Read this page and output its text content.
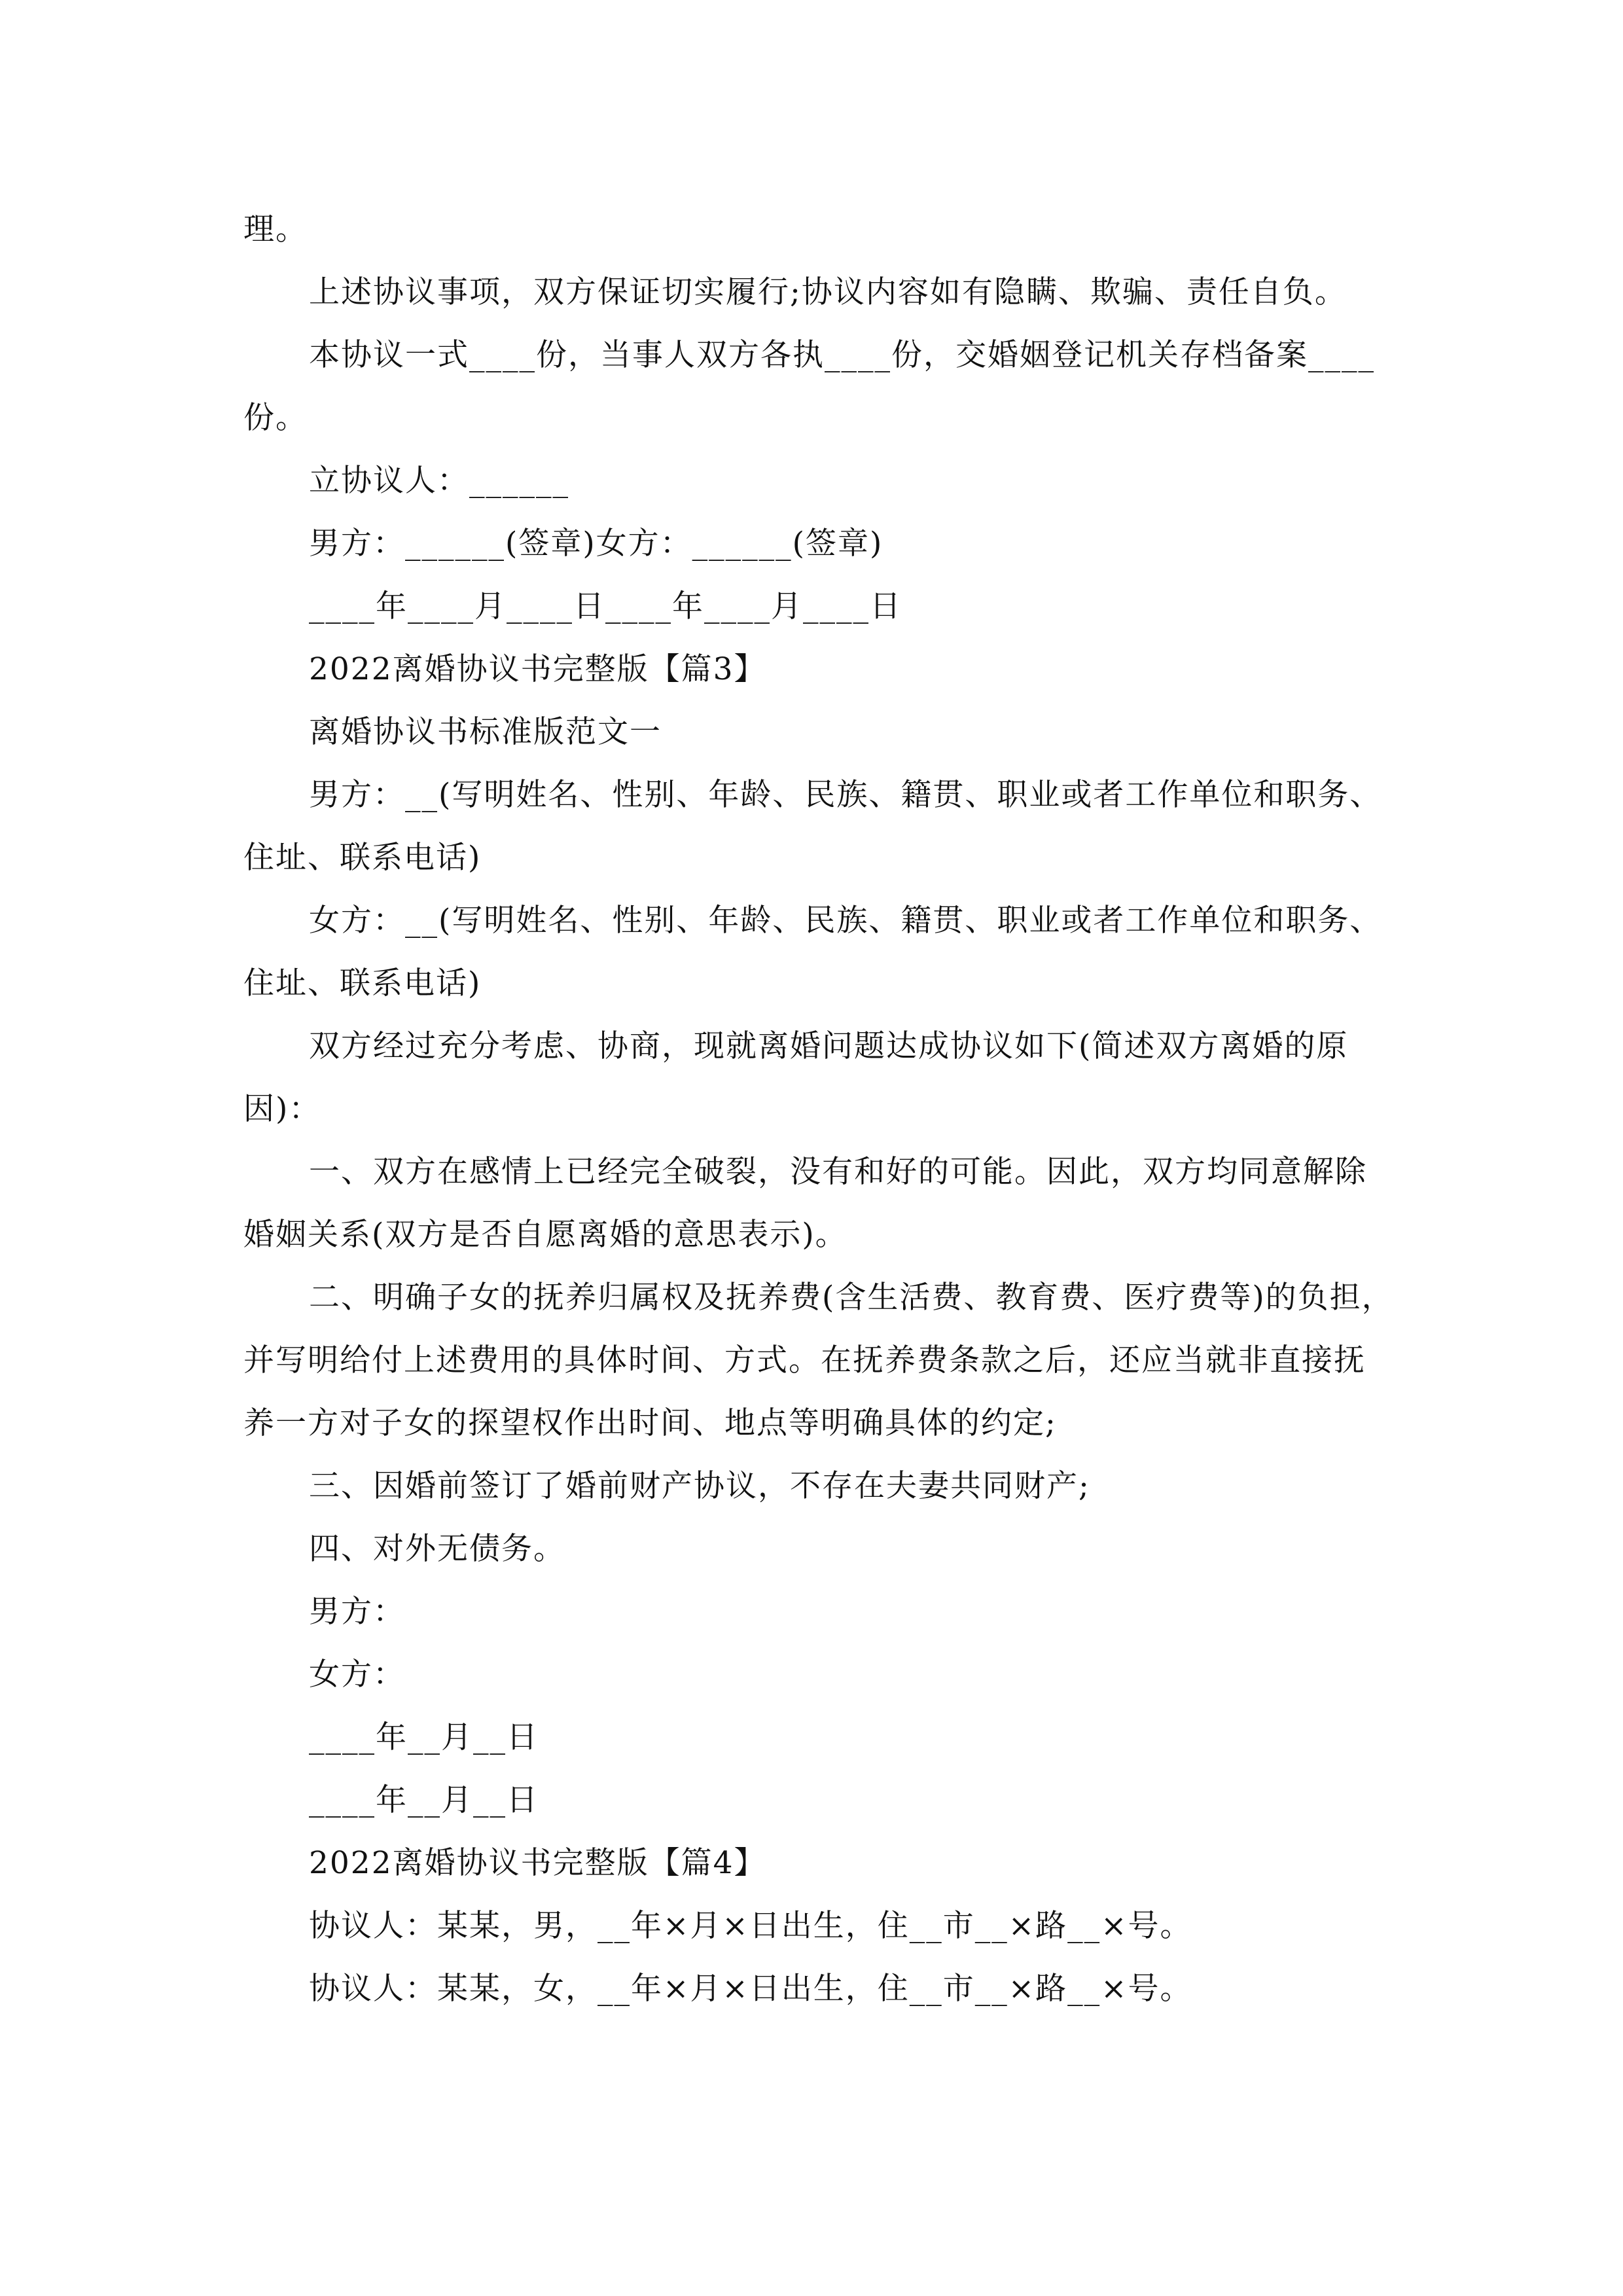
理。
上述协议事项，双方保证切实履行;协议内容如有隐瞒、欺骗、责任自负。
本协议一式____份，当事人双方各执____份，交婚姻登记机关存档备案____
份。
立协议人：______
男方：______(签章)女方：______(签章)
____年____月____日____年____月____日
2022离婚协议书完整版【篇3】
离婚协议书标准版范文一
男方：__(写明姓名、性别、年龄、民族、籍贯、职业或者工作单位和职务、
住址、联系电话)
女方：__(写明姓名、性别、年龄、民族、籍贯、职业或者工作单位和职务、
住址、联系电话)
双方经过充分考虑、协商，现就离婚问题达成协议如下(简述双方离婚的原
因)：
一、双方在感情上已经完全破裂，没有和好的可能。因此，双方均同意解除
婚姻关系(双方是否自愿离婚的意思表示)。
二、明确子女的抚养归属权及抚养费(含生活费、教育费、医疗费等)的负担，
并写明给付上述费用的具体时间、方式。在抚养费条款之后，还应当就非直接抚
养一方对子女的探望权作出时间、地点等明确具体的约定;
三、因婚前签订了婚前财产协议，不存在夫妻共同财产;
四、对外无债务。
男方：
女方：
____年__月__日
____年__月__日
2022离婚协议书完整版【篇4】
协议人：某某，男，__年×月×日出生，住__市__×路__×号。
协议人：某某，女，__年×月×日出生，住__市__×路__×号。
